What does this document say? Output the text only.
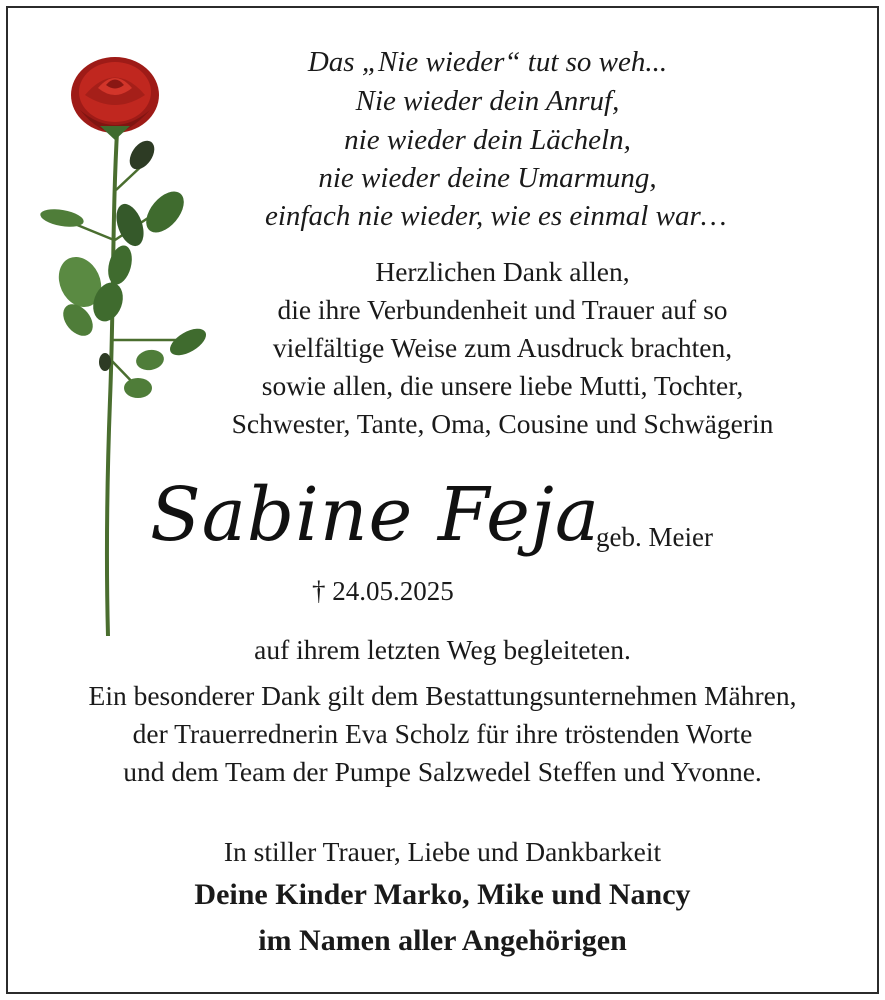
Das „Nie wieder“ tut so weh...
Nie wieder dein Anruf,
nie wieder dein Lächeln,
nie wieder deine Umarmung,
einfach nie wieder, wie es einmal war…
Herzlichen Dank allen,
die ihre Verbundenheit und Trauer auf so
vielfältige Weise zum Ausdruck brachten,
sowie allen, die unsere liebe Mutti, Tochter,
Schwester, Tante, Oma, Cousine und Schwägerin
Sabine Feja
geb. Meier
† 24.05.2025
auf ihrem letzten Weg begleiteten.
Ein besonderer Dank gilt dem Bestattungsunternehmen Mähren,
der Trauerrednerin Eva Scholz für ihre tröstenden Worte
und dem Team der Pumpe Salzwedel Steffen und Yvonne.
In stiller Trauer, Liebe und Dankbarkeit
Deine Kinder Marko, Mike und Nancy
im Namen aller Angehörigen
